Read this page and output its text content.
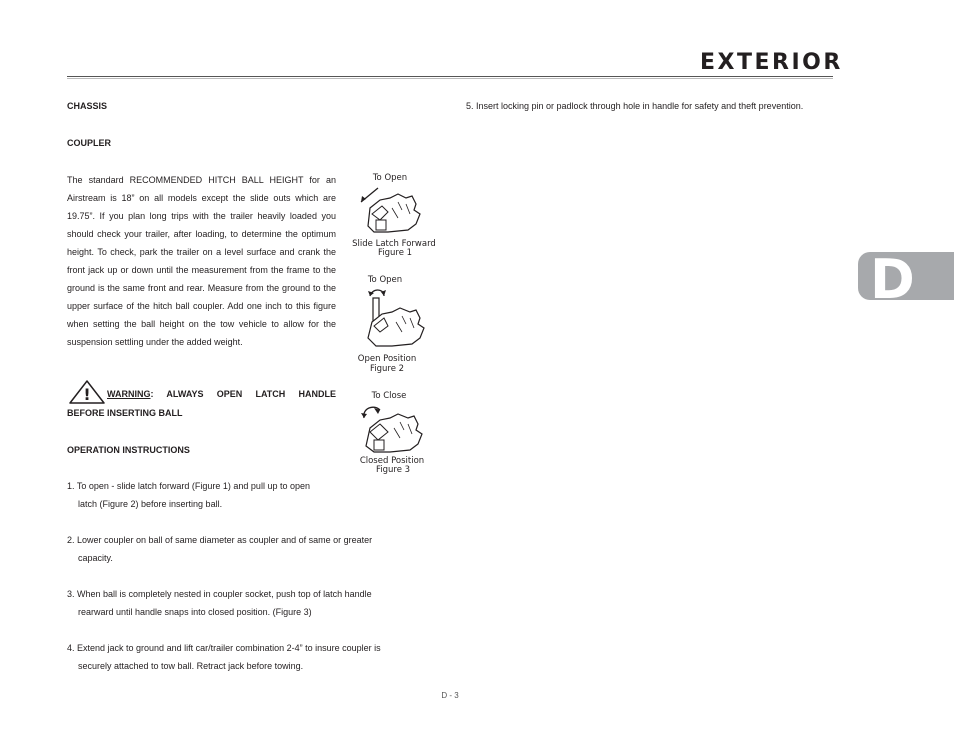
EXTERIOR
D
CHASSIS
COUPLER
The standard RECOMMENDED HITCH BALL HEIGHT for an Airstream is 18” on all models except the slide outs which are 19.75”. If you plan long trips with the trailer heavily loaded you should check your trailer, after loading, to determine the optimum height. To check, park the trailer on a level surface and crank the front jack up or down until the measurement from the frame to the ground is the same front and rear. Measure from the ground to the upper surface of the hitch ball coupler. Add one inch to this figure when setting the ball height on the tow vehicle to allow for the suspension settling under the added weight.
! WARNING: ALWAYS OPEN LATCH HANDLE
BEFORE INSERTING BALL
OPERATION INSTRUCTIONS
1. To open - slide latch forward (Figure 1) and pull up to open
latch (Figure 2) before inserting ball.
2. Lower coupler on ball of same diameter as coupler and of same or greater
capacity.
3. When ball is completely nested in coupler socket, push top of latch handle
rearward until handle snaps into closed position. (Figure 3)
4. Extend jack to ground and lift car/trailer combination 2-4” to insure coupler is
securely attached to tow ball. Retract jack before towing.
5. Insert locking pin or padlock through hole in handle for safety and theft prevention.
To Open
Slide Latch Forward
Figure 1
To Open
Open Position
Figure 2
To Close
Closed Position
Figure 3
D - 3
